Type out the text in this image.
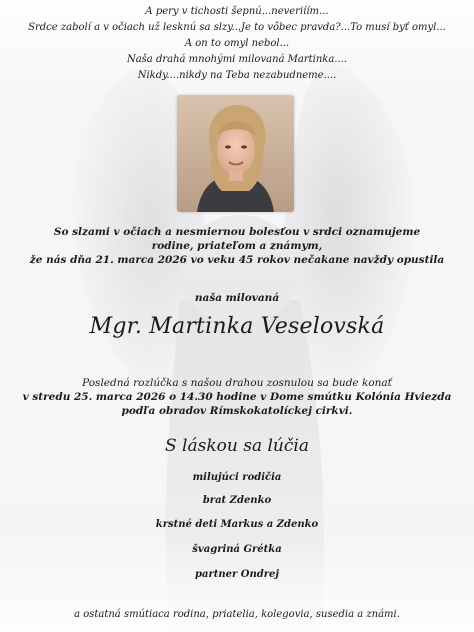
A pery v tichosti šepnú...neveriíím...
Srdce zabolí a v očiach už lesknú sa slzy...Je to vôbec pravda?...To musí byť omyl...
A on to omyl nebol...
Naša drahá mnohými milovaná Martinka....
Nikdy....nikdy na Teba nezabudneme....
So slzami v očiach a nesmiernou bolesťou v srdci oznamujeme
rodine, priateľom a známym,
že nás dňa 21. marca 2026 vo veku 45 rokov nečakane navždy opustila
naša milovaná
Mgr. Martinka Veselovská
Posledná rozlúčka s našou drahou zosnulou sa bude konať
v stredu 25. marca 2026 o 14.30 hodine v Dome smútku Kolónia Hviezda
podľa obradov Rímskokatolíckej cirkvi.
S láskou sa lúčia
milujúci rodičia
brat Zdenko
krstné deti Markus a Zdenko
švagriná Grétka
partner Ondrej
a ostatná smútiaca rodina, priatelia, kolegovia, susedia a známi.
